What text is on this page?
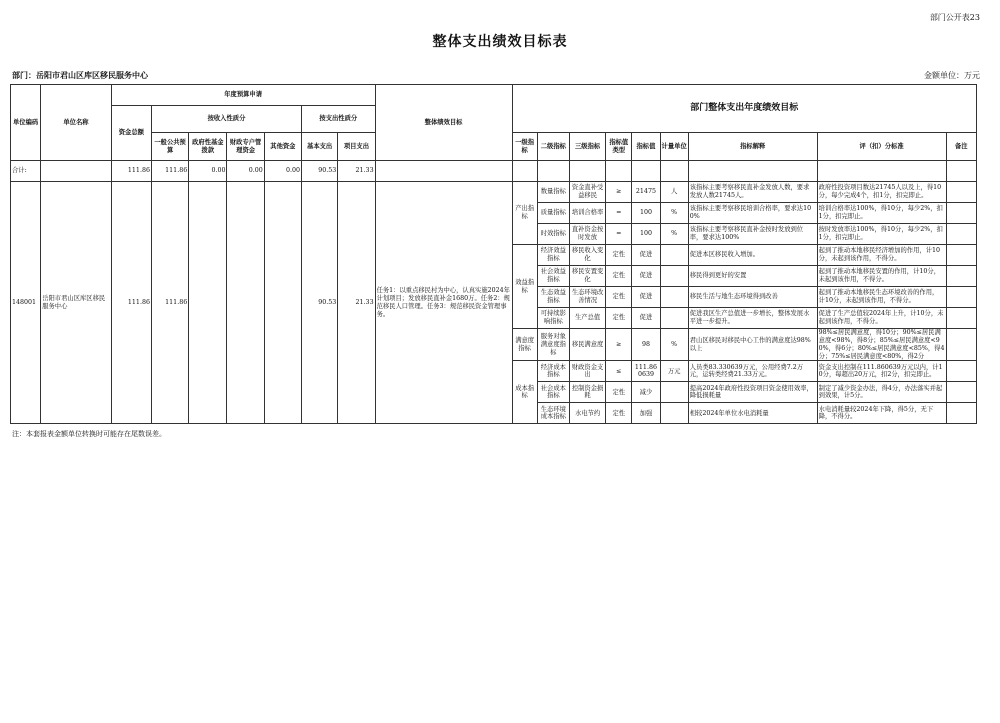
部门公开表23
整体支出绩效目标表
部门：岳阳市君山区库区移民服务中心	金额单位：万元
单位编码	单位名称	年度预算申请							整体绩效目标	部门整体支出年度绩效目标								
		资金总额	按收入性质分				按支出性质分											

			一般公共预算	政府性基金拨款	财政专户管理资金	其他资金	基本支出	项目支出		一级指标	二级指标	三级指标	指标值类型	指标值	计量单位	指标解释	评（扣）分标准	备注
合计:		111.86	111.86	0.00	0.00	0.00	90.53	21.33										
148001	岳阳市君山区库区移民服务中心	111.86	111.86				90.53	21.33	任务1：以重点移民村为中心，认真实施2024年计划项目；发放移民直补金1680万。任务2：规范移民人口管理。任务3：规范移民资金管理事务。	产出指标	数量指标	资金直补受益移民	≥	21475	人	该指标主要考察移民直补金发放人数，要求发放人数21745人。	政府性投资项目数达21745人以及上，得10分，每少完成4个，扣1分，扣完即止。	
											质量指标	培训合格率	=	100	%	该指标主要考察移民培训合格率，要求达100%	培训合格率达100%，得10分，每少2%，扣1分，扣完即止。	
											时效指标	直补资金按时发放	=	100	%	该指标主要考察移民直补金按时发放到位率，要求达100%	按时发放率达100%，得10分，每少2%，扣1分，扣完即止。	
										效益指标	经济效益指标	移民收入变化	定性	促进		促进本区移民收入增加。	起到了推动本地移民经济增加的作用，计10分，未起到该作用，不得分。	
											社会效益指标	移民安置变化	定性	促进		移民得到更好的安置	起到了推动本地移民安置的作用，计10分，未起到该作用，不得分。	
											生态效益指标	生态环境改善情况	定性	促进		移民生活与地生态环境得到改善	起到了推动本地移民生态环境改善的作用，计10分，未起到该作用，不得分。	
											可持续影响指标	生产总值	定性	促进		促进我区生产总值进一步增长，整体发展水平进一步提升。	促进了生产总值较2024年上升，计10分，未起到该作用，不得分。	
										满意度指标	服务对象满意度指标	移民满意度	≥	98	%	君山区移民对移民中心工作的满意度达98%以上	98%≤居民满意度，得10分；90%≤居民满意度<98%，得8分；85%≤居民满意度<90%，得6分；80%≤居民满意度<85%，得4分；75%≤居民满意度<80%，得2分	
										成本指标	经济成本指标	财政资金支出	≤	111.860639	万元	人员类83.330639万元，公用经费7.2万元，运转类经费21.33万元。	资金支出控制在111.860639万元以内，计10分，每超出20万元，扣2分，扣完即止。	
											社会成本指标	控制资金损耗	定性	减少		提高2024年政府性投资项目资金使用效率，降低损耗量	制定了减少资金办法，得4分，办法落实并起到效果，计5分。	
											生态环境成本指标	水电节约	定性	加强		相较2024年单位水电消耗量	水电消耗量较2024年下降，得5分，无下降，不得分。	
注：本套报表金额单位转换时可能存在尾数误差。
